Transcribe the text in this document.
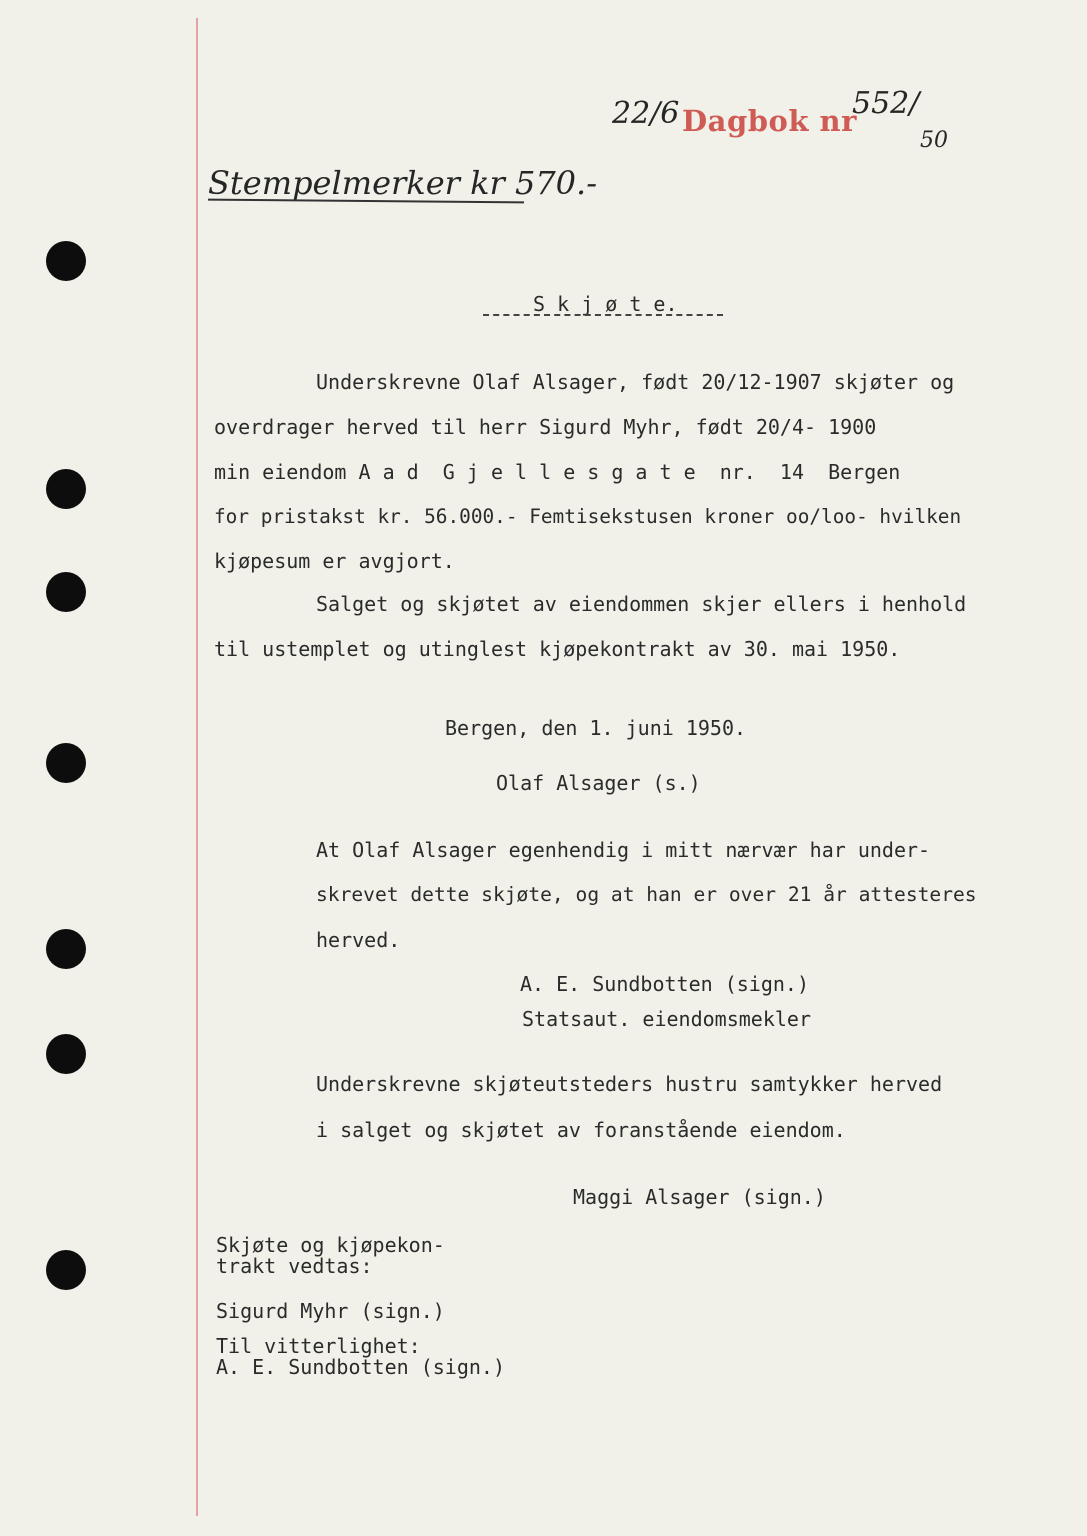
22/6 Dagbok nr
552/
50
Stempelmerker kr 570.-
S k j ø t e.
Underskrevne Olaf Alsager, født 20/12-1907 skjøter og
overdrager herved til herr Sigurd Myhr, født 20/4- 1900
min eiendom A a d  G j e l l e s g a t e  nr.  14  Bergen
for pristakst kr. 56.000.- Femtisekstusen kroner oo/loo- hvilken
kjøpesum er avgjort.
Salget og skjøtet av eiendommen skjer ellers i henhold
til ustemplet og utinglest kjøpekontrakt av 30. mai 1950.
Bergen, den 1. juni 1950.
Olaf Alsager (s.)
At Olaf Alsager egenhendig i mitt nærvær har under-
skrevet dette skjøte, og at han er over 21 år attesteres
herved.
A. E. Sundbotten (sign.)
Statsaut. eiendomsmekler
Underskrevne skjøteutsteders hustru samtykker herved
i salget og skjøtet av foranstående eiendom.
Maggi Alsager (sign.)
Skjøte og kjøpekon-
trakt vedtas:
Sigurd Myhr (sign.)
Til vitterlighet:
A. E. Sundbotten (sign.)
